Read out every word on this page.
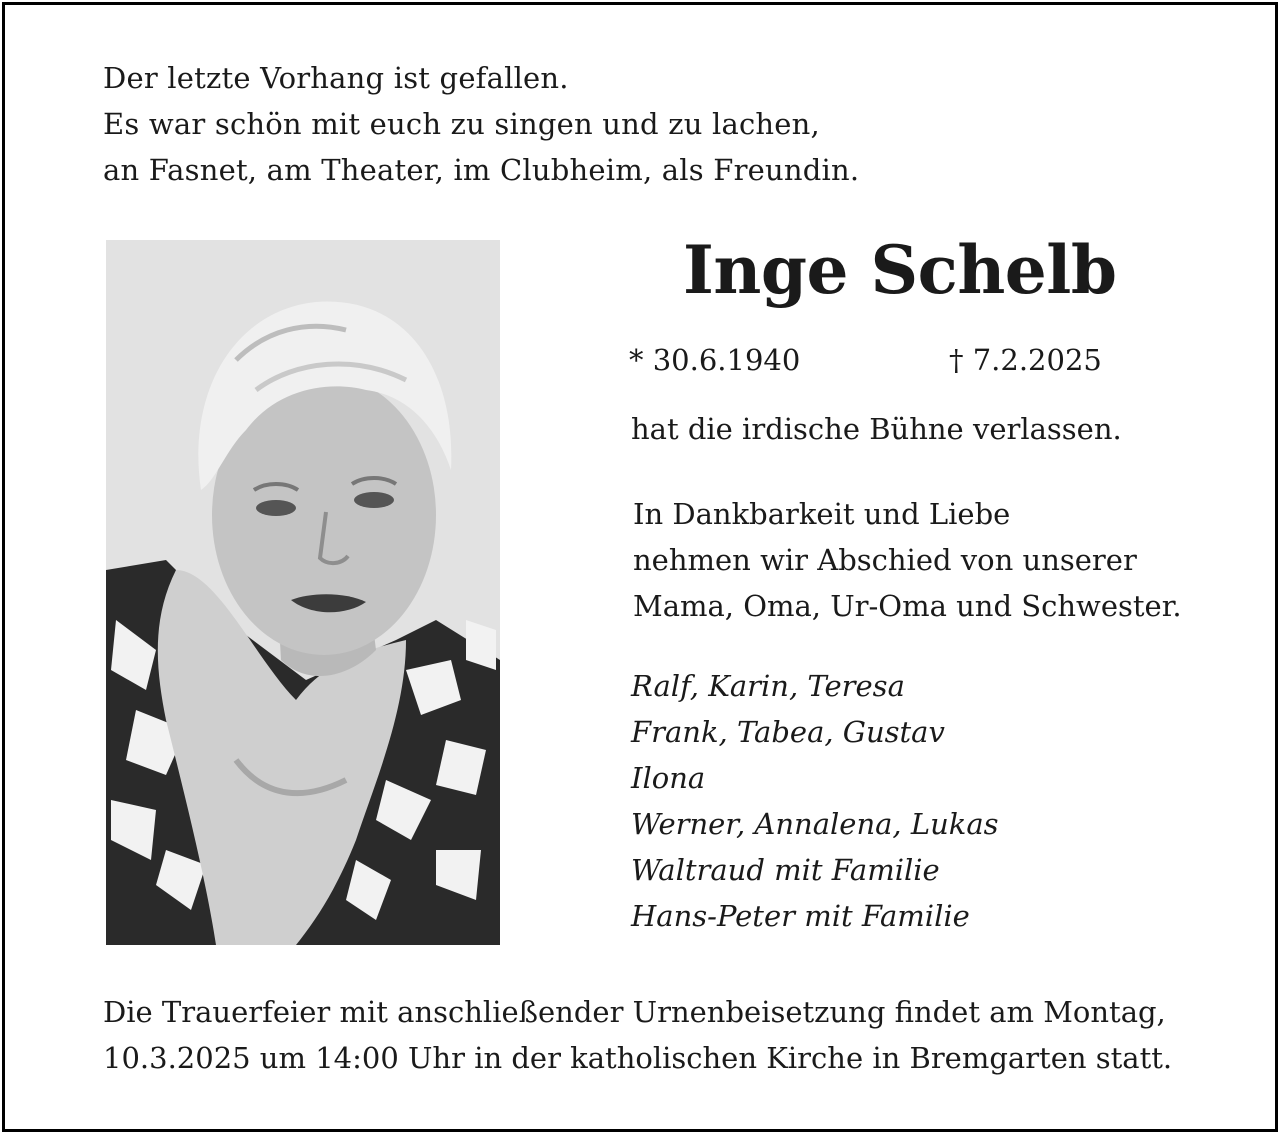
Der letzte Vorhang ist gefallen.
Es war schön mit euch zu singen und zu lachen,
an Fasnet, am Theater, im Clubheim, als Freundin.
Inge Schelb
* 30.6.1940	† 7.2.2025
hat die irdische Bühne verlassen.
In Dankbarkeit und Liebe
nehmen wir Abschied von unserer
Mama, Oma, Ur-Oma und Schwester.
Ralf, Karin, Teresa
Frank, Tabea, Gustav
Ilona
Werner, Annalena, Lukas
Waltraud mit Familie
Hans-Peter mit Familie
Die Trauerfeier mit anschließender Urnenbeisetzung findet am Montag,
10.3.2025 um 14:00 Uhr in der katholischen Kirche in Bremgarten statt.
